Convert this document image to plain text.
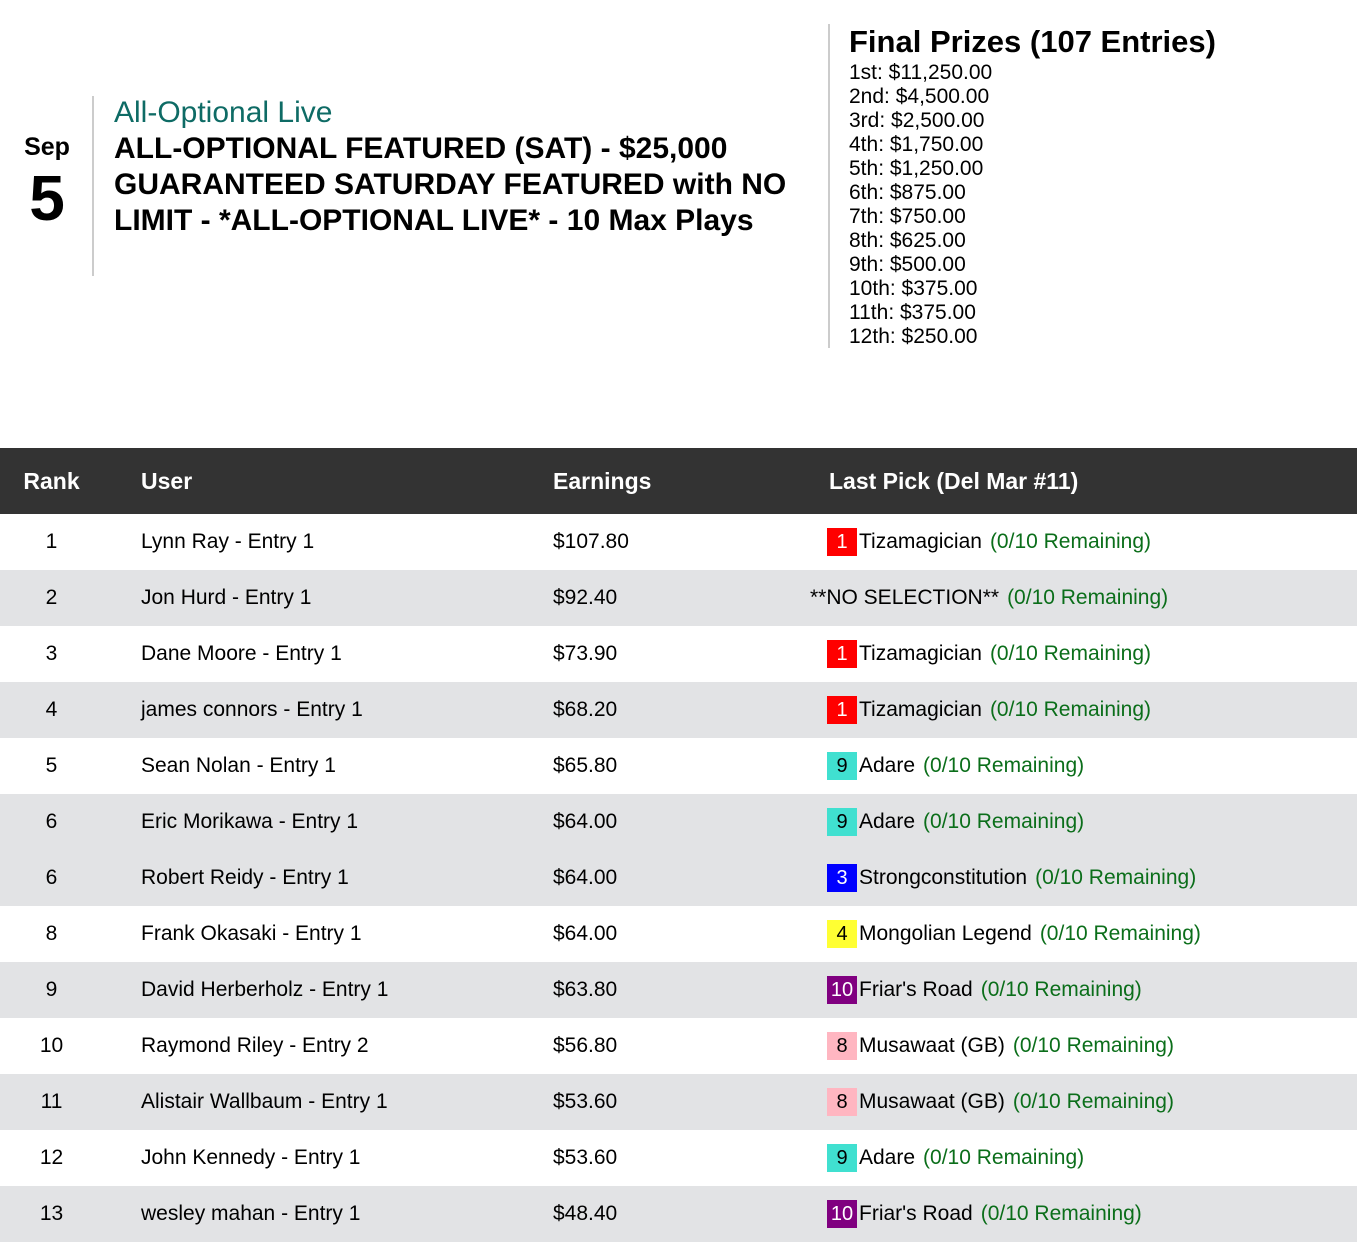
Sep
5
All-Optional Live
ALL-OPTIONAL FEATURED (SAT) - $25,000 GUARANTEED SATURDAY FEATURED with NO LIMIT - *ALL-OPTIONAL LIVE* - 10 Max Plays
Final Prizes (107 Entries)
1st: $11,250.00
2nd: $4,500.00
3rd: $2,500.00
4th: $1,750.00
5th: $1,250.00
6th: $875.00
7th: $750.00
8th: $625.00
9th: $500.00
10th: $375.00
11th: $375.00
12th: $250.00
Rank	User	Earnings	Last Pick (Del Mar #11)
1	Lynn Ray - Entry 1	$107.80	1 Tizamagician (0/10 Remaining)

2	Jon Hurd - Entry 1	$92.40	**NO SELECTION** (0/10 Remaining)

3	Dane Moore - Entry 1	$73.90	1 Tizamagician (0/10 Remaining)

4	james connors - Entry 1	$68.20	1 Tizamagician (0/10 Remaining)

5	Sean Nolan - Entry 1	$65.80	9 Adare (0/10 Remaining)

6	Eric Morikawa - Entry 1	$64.00	9 Adare (0/10 Remaining)

6	Robert Reidy - Entry 1	$64.00	3 Strongconstitution (0/10 Remaining)

8	Frank Okasaki - Entry 1	$64.00	4 Mongolian Legend (0/10 Remaining)

9	David Herberholz - Entry 1	$63.80	10 Friar's Road (0/10 Remaining)

10	Raymond Riley - Entry 2	$56.80	8 Musawaat (GB) (0/10 Remaining)

11	Alistair Wallbaum - Entry 1	$53.60	8 Musawaat (GB) (0/10 Remaining)

12	John Kennedy - Entry 1	$53.60	9 Adare (0/10 Remaining)

13	wesley mahan - Entry 1	$48.40	10 Friar's Road (0/10 Remaining)
